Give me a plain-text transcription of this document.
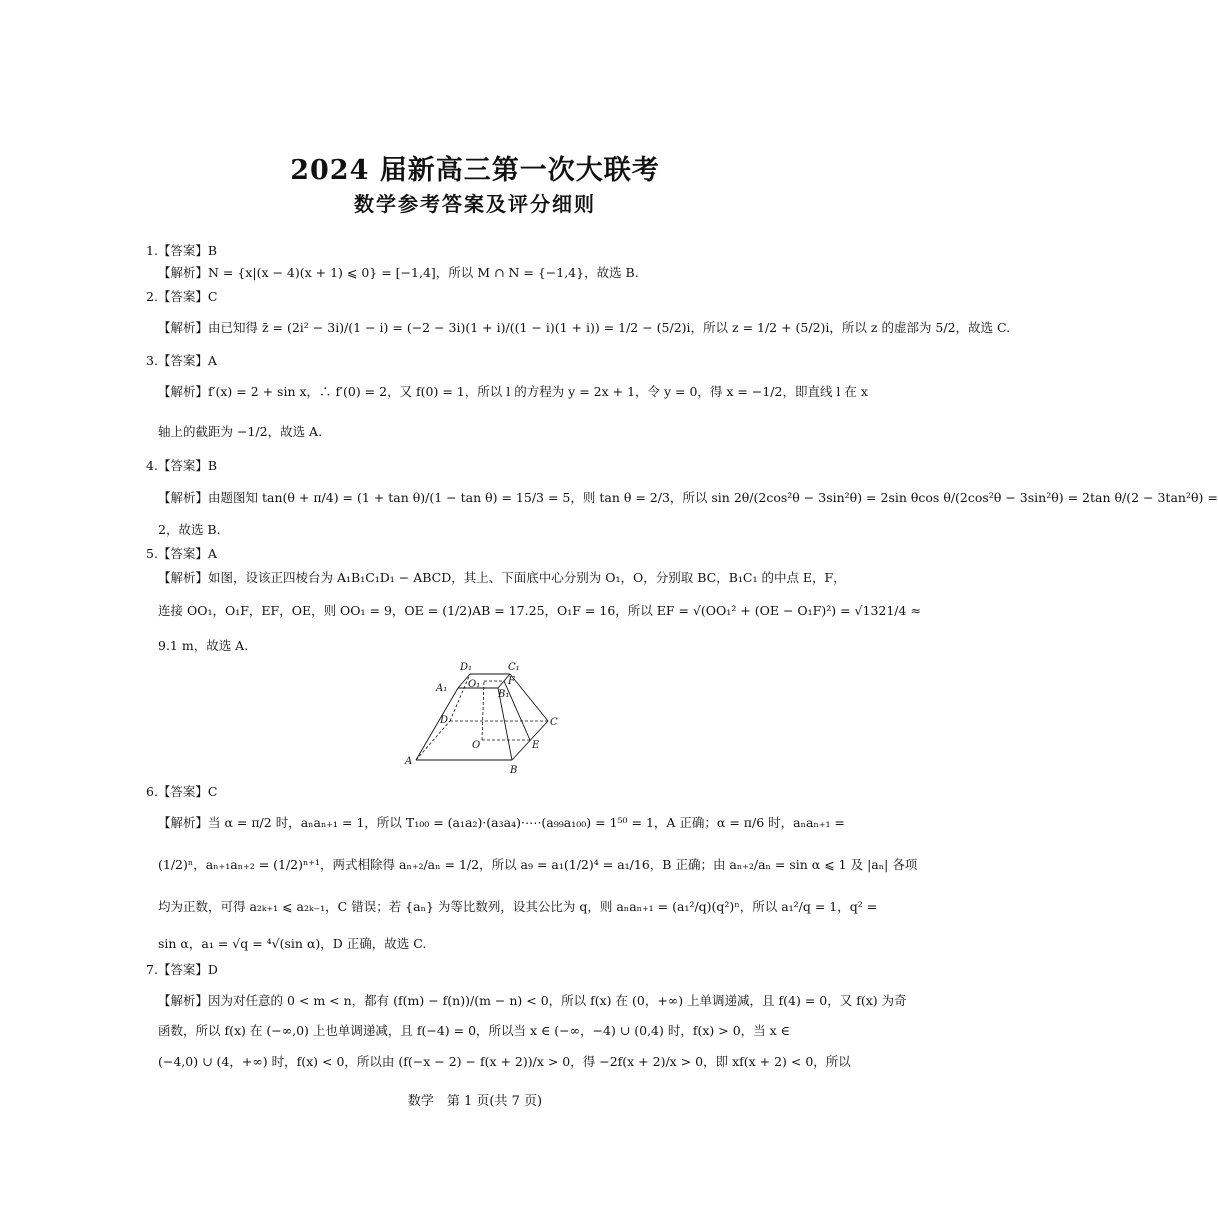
2024 届新高三第一次大联考
数学参考答案及评分细则
1.【答案】B
【解析】N = {x|(x − 4)(x + 1) ⩽ 0} = [−1,4]，所以 M ∩ N = {−1,4}，故选 B.
2.【答案】C
【解析】由已知得 z̄ = (2i² − 3i)/(1 − i) = (−2 − 3i)(1 + i)/((1 − i)(1 + i)) = 1/2 − (5/2)i，所以 z = 1/2 + (5/2)i，所以 z 的虚部为 5/2，故选 C.
3.【答案】A
【解析】f′(x) = 2 + sin x，∴ f′(0) = 2，又 f(0) = 1，所以 l 的方程为 y = 2x + 1，令 y = 0，得 x = −1/2，即直线 l 在 x
轴上的截距为 −1/2，故选 A.
4.【答案】B
【解析】由题图知 tan(θ + π/4) = (1 + tan θ)/(1 − tan θ) = 15/3 = 5，则 tan θ = 2/3，所以 sin 2θ/(2cos²θ − 3sin²θ) = 2sin θcos θ/(2cos²θ − 3sin²θ) = 2tan θ/(2 − 3tan²θ) =
2，故选 B.
5.【答案】A
【解析】如图，设该正四棱台为 A₁B₁C₁D₁ − ABCD，其上、下面底中心分别为 O₁，O，分别取 BC，B₁C₁ 的中点 E，F，
连接 OO₁，O₁F，EF，OE，则 OO₁ = 9，OE = (1/2)AB = 17.25，O₁F = 16，所以 EF = √(OO₁² + (OE − O₁F)²) = √1321/4 ≈
9.1 m，故选 A.
D₁	C₁
A₁ O₁	F
B₁
D	C
O	E
A
B
6.【答案】C
【解析】当 α = π/2 时，aₙaₙ₊₁ = 1，所以 T₁₀₀ = (a₁a₂)·(a₃a₄)·⋯·(a₉₉a₁₀₀) = 1⁵⁰ = 1，A 正确；α = π/6 时，aₙaₙ₊₁ =
(1/2)ⁿ，aₙ₊₁aₙ₊₂ = (1/2)ⁿ⁺¹，两式相除得 aₙ₊₂/aₙ = 1/2，所以 a₉ = a₁(1/2)⁴ = a₁/16，B 正确；由 aₙ₊₂/aₙ = sin α ⩽ 1 及 |aₙ| 各项
均为正数，可得 a₂ₖ₊₁ ⩽ a₂ₖ₋₁，C 错误；若 {aₙ} 为等比数列，设其公比为 q，则 aₙaₙ₊₁ = (a₁²/q)(q²)ⁿ，所以 a₁²/q = 1，q² =
sin α，a₁ = √q = ⁴√(sin α)，D 正确，故选 C.
7.【答案】D
【解析】因为对任意的 0 < m < n，都有 (f(m) − f(n))/(m − n) < 0，所以 f(x) 在 (0，+∞) 上单调递减，且 f(4) = 0，又 f(x) 为奇
函数，所以 f(x) 在 (−∞,0) 上也单调递减，且 f(−4) = 0，所以当 x ∈ (−∞，−4) ∪ (0,4) 时，f(x) > 0，当 x ∈
(−4,0) ∪ (4，+∞) 时，f(x) < 0，所以由 (f(−x − 2) − f(x + 2))/x > 0，得 −2f(x + 2)/x > 0，即 xf(x + 2) < 0，所以
数学　第 1 页(共 7 页)
